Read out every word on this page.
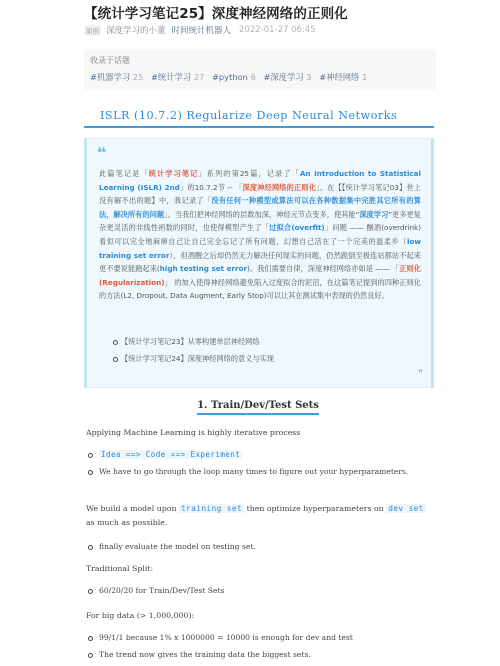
【统计学习笔记25】深度神经网络的正则化
原创 深度学习的小董 时间统计机器人 2022-01-27 06:45
收录于话题
#机器学习 25 #统计学习 27 #python 6 #深度学习 3 #神经网络 1
ISLR (10.7.2) Regularize Deep Neural Networks
❝
此篇笔记是「统计学习笔记」系列的第25篇，记录了「An Introduction to Statistical Learning (ISLR) 2nd」的10.7.2节 -- 「深度神经网络的正则化」。在【【统计学习笔记03】世上没有解不出的题】中，我记录了「没有任何一种模型或算法可以在各种数据集中完胜其它所有的算法，解决所有的问题」。当我们把神经网络的层数加深，神经元节点变多，使其能“深度学习”更多更复杂更灵活的非线性函数的同时，也使得模型产生了「过拟合(overfit)」问题 —— 酗酒(overdrink)看似可以完全地麻痹自己让自己完全忘记了所有问题，幻想自己活在了一个完美的温柔乡（low training set error），但酒醒之后却仍然无力解决任何现实的问题，仍然跪倒至极连站都站不起来更不要说能跑起来(high testing set error)。我们需要自律，深度神经网络亦如是 —— 「正则化 (Regularization)」 的加入使得神经网络避免陷入过度拟合的泥沼，在这篇笔记提到的四种正则化的方法(L2, Dropout, Data Augment, Early Stop)可以让其在测试集中表现的仍然良好。
【统计学习笔记23】从零构建单层神经网络
【统计学习笔记24】深度神经网络的意义与实现
❞
1. Train/Dev/Test Sets
Applying Machine Learning is highly iterative process
Idea ==> Code ==> Experiment
We have to go through the loop many times to figure out your hyperparameters.
We build a model upon training set then optimize hyperparameters on dev set as much as possible.
finally evaluate the model on testing set.
Traditional Split:
60/20/20 for Train/Dev/Test Sets
For big data (> 1,000,000):
99/1/1 because 1% x 1000000 = 10000 is enough for dev and test
The trend now gives the training data the biggest sets.
